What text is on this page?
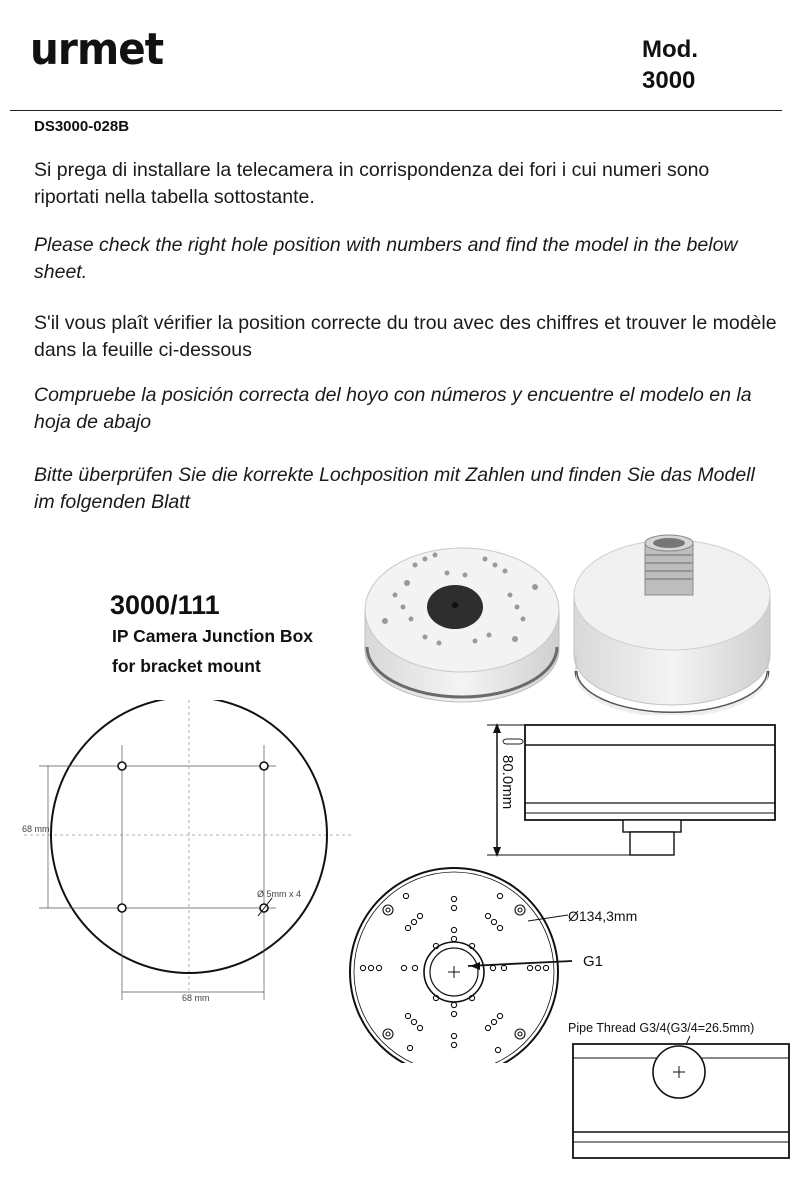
urmet	Mod.
3000
DS3000-028B
Si prega di installare la telecamera in corrispondenza dei fori i cui numeri sono riportati nella tabella sottostante.
Please check the right hole position with numbers and find the model in the below sheet.
S'il vous plaît vérifier la position correcte du trou avec des chiffres et trouver le modèle dans la feuille ci-dessous
Compruebe la posición correcta del hoyo con números y encuentre el modelo en la hoja de abajo
Bitte überprüfen Sie die korrekte Lochposition mit Zahlen und finden Sie das Modell im folgenden Blatt
3000/111
IP Camera Junction Box
for bracket mount
68 mm
68 mm
Ø 5mm x 4
80.0mm
Ø134,3mm
G1
Pipe Thread G3/4(G3/4=26.5mm)
